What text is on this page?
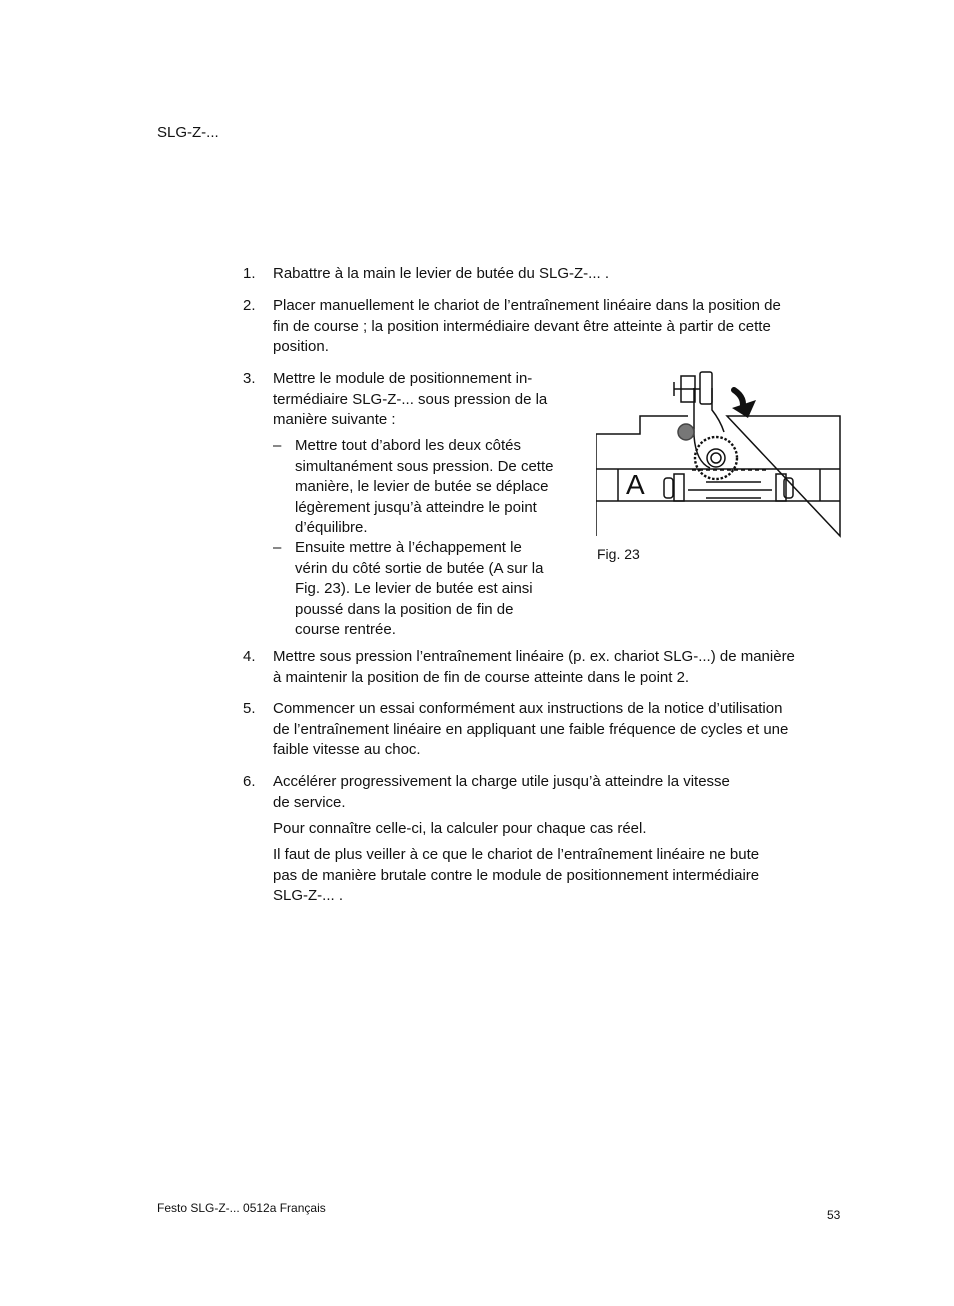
SLG-Z-...
1. Rabattre à la main le levier de butée du SLG-Z-... .
2. Placer manuellement le chariot de l’entraînement linéaire dans la position de
fin de course ; la position intermédiaire devant être atteinte à partir de cette
position.
3. Mettre le module de positionnement in-
termédiaire SLG-Z-... sous pression de la
manière suivante :
– Mettre tout d’abord les deux côtés
simultanément sous pression. De cette
manière, le levier de butée se déplace
légèrement jusqu’à atteindre le point
d’équilibre.
– Ensuite mettre à l’échappement le
vérin du côté sortie de butée (A sur la
Fig. 23). Le levier de butée est ainsi
poussé dans la position de fin de
course rentrée.
A
Fig. 23
4. Mettre sous pression l’entraînement linéaire (p. ex. chariot SLG-...) de manière
à maintenir la position de fin de course atteinte dans le point 2.
5. Commencer un essai conformément aux instructions de la notice d’utilisation
de l’entraînement linéaire en appliquant une faible fréquence de cycles et une
faible vitesse au choc.
6. Accélérer progressivement la charge utile jusqu’à atteindre la vitesse
de service.
Pour connaître celle-ci, la calculer pour chaque cas réel.
Il faut de plus veiller à ce que le chariot de l’entraînement linéaire ne bute
pas de manière brutale contre le module de positionnement intermédiaire
SLG-Z-... .
Festo SLG-Z-... 0512a Français	53
